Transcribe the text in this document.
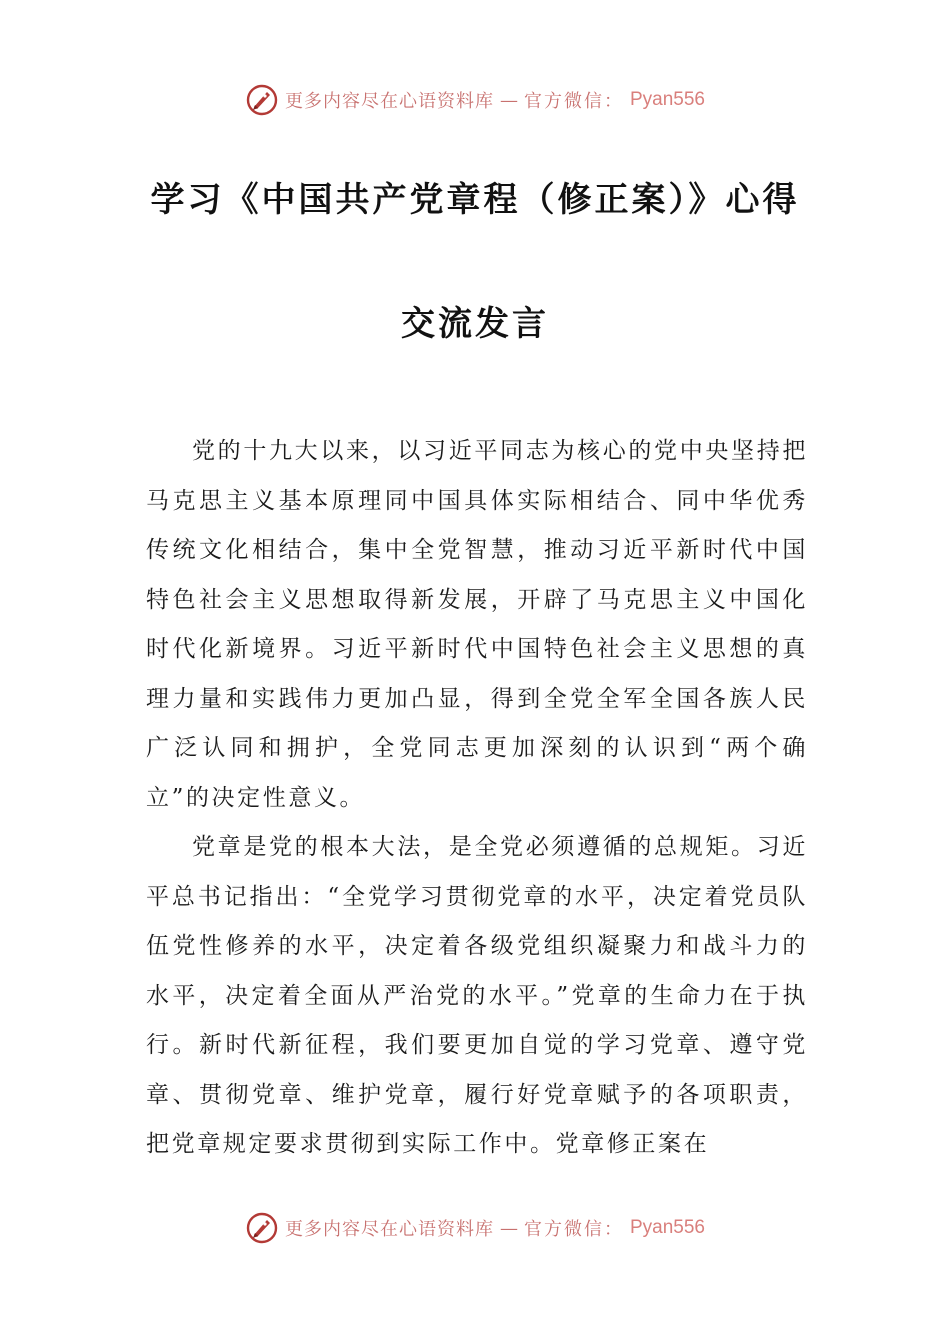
更多内容尽在心语资料库 — 官方微信： Pyan556
学习《中国共产党章程（修正案）》心得
交流发言

党的十九大以来，以习近平同志为核心的党中央坚持把马克思主义基本原理同中国具体实际相结合、同中华优秀传统文化相结合，集中全党智慧，推动习近平新时代中国特色社会主义思想取得新发展，开辟了马克思主义中国化时代化新境界。习近平新时代中国特色社会主义思想的真理力量和实践伟力更加凸显，得到全党全军全国各族人民广泛认同和拥护，全党同志更加深刻的认识到“两个确立”的决定性意义。

党章是党的根本大法，是全党必须遵循的总规矩。习近平总书记指出：“全党学习贯彻党章的水平，决定着党员队伍党性修养的水平，决定着各级党组织凝聚力和战斗力的水平，决定着全面从严治党的水平。”党章的生命力在于执行。新时代新征程，我们要更加自觉的学习党章、遵守党章、贯彻党章、维护党章，履行好党章赋予的各项职责，把党章规定要求贯彻到实际工作中。党章修正案在

更多内容尽在心语资料库 — 官方微信： Pyan556
